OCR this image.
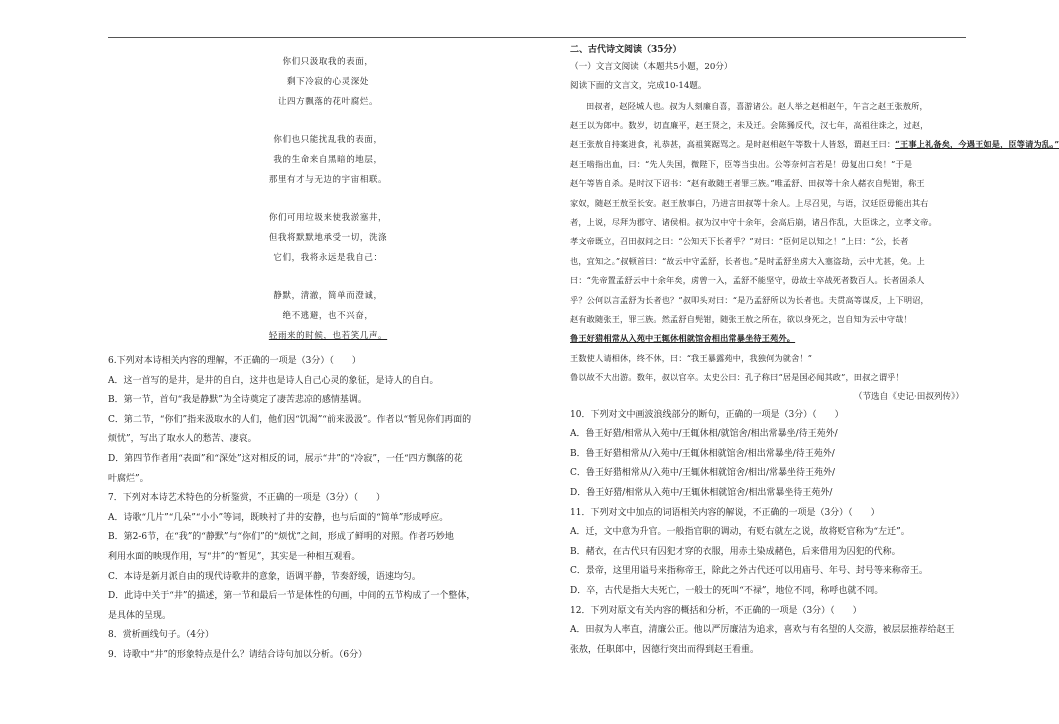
你们只汲取我的表面，
剩下冷寂的心灵深处
让四方飘落的花叶腐烂。
你们也只能扰乱我的表面，
我的生命来自黑暗的地层，
那里有才与无边的宇宙相联。
你们可用垃圾来使我淤塞井，
但我将默默地承受一切，洗涤
它们，我将永远是我自己：
静默，清澈，简单而澄诚，
绝不逃避，也不兴奋，
轻雨来的时候，也若笑几声。
6.下列对本诗相关内容的理解，不正确的一项是（3分）（　　）
A．这一首写的是井，是井的自白，这井也是诗人自己心灵的象征，是诗人的自白。
B．第一节，首句“我是静默”为全诗奠定了凄苦悲凉的感情基调。
C．第二节，“你们”指来汲取水的人们，他们因“饥渴”“前来汲汲”。作者以“暂见你们再面的
烦忧”，写出了取水人的愁苦、凄哀。
D．第四节作者用“表面”和“深处”这对相反的词，展示“井”的“冷寂”，一任“四方飘落的花
叶腐烂”。
7．下列对本诗艺术特色的分析鉴赏，不正确的一项是（3分）（　　）
A．诗歌“几片”“几朵”“小小”等词，既映衬了井的安静，也与后面的“简单”形成呼应。
B．第2-6节，在“我”的“静默”与“你们”的“烦忧”之间，形成了鲜明的对照。作者巧妙地
利用水面的映现作用，写“井”的“暂见”，其实是一种相互观看。
C．本诗是新月派自由的现代诗歌井的意象，语调平静，节奏舒缓，语速均匀。
D．此诗中关于“井”的描述，第一节和最后一节是体性的句画，中间的五节构成了一个整体，
是具体的呈现。
8．赏析画线句子。（4分）
9．诗歌中“井”的形象特点是什么？请结合诗句加以分析。（6分）
二、古代诗文阅读（35分）
（一）文言文阅读（本题共5小题，20分）
阅读下面的文言文，完成10-14题。
田叔者，赵陉城人也。叔为人刻廉自喜，喜游诸公。赵人举之赵相赵午，午言之赵王张敖所，
赵王以为郎中。数岁，切直廉平，赵王贤之，未及迁。会陈豨反代，汉七年，高祖往诛之，过赵，
赵王张敖自持案进食，礼恭甚，高祖箕踞骂之。是时赵相赵午等数十人皆怒，谓赵王曰：“王事上礼备矣，今遇王如是，臣等请为乱。”
赵王啮指出血，曰：“先人失国，微陛下，臣等当虫出。公等奈何言若是！毋复出口矣！”于是
赵午等皆自杀。是时汉下诏书：“赵有敢随王者罪三族。”唯孟舒、田叔等十余人赭衣自髡钳，称王
家奴，随赵王敖至长安。赵王敖事白，乃进言田叔等十余人。上尽召见，与语，汉廷臣毋能出其右
者，上说，尽拜为郡守、诸侯相。叔为汉中守十余年，会高后崩，诸吕作乱，大臣诛之，立孝文帝。
孝文帝既立，召田叔问之曰：“公知天下长者乎？”对曰：“臣何足以知之！”上曰：“公，长者
也，宜知之。”叔顿首曰：“故云中守孟舒，长者也。”是时孟舒坐虏大入塞盗劫，云中尤甚，免。上
曰：“先帝置孟舒云中十余年矣，虏曾一入，孟舒不能坚守，毋故士卒战死者数百人。长者固杀人
乎？公何以言孟舒为长者也？”叔叩头对曰：“是乃孟舒所以为长者也。夫贯高等谋反，上下明诏，
赵有敢随张王，罪三族。然孟舒自髡钳，随张王敖之所在，欲以身死之，岂自知为云中守哉！
鲁王好猎相常从入苑中王辄休相就馆舍相出常暴坐待王苑外。
王数使人请相休，终不休，曰：“我王暴露苑中，我独何为就舍！”
鲁以故不大出游。数年，叔以官卒。太史公曰：孔子称曰“居是国必闻其政”，田叔之谓乎！
（节选自《史记·田叔列传》）
10．下列对文中画波浪线部分的断句，正确的一项是（3分）（　　）
A．鲁王好猎/相常从入苑中/王辄休相/就馆舍/相出常暴坐/待王苑外/
B．鲁王好猎相常从/入苑中/王辄休相就馆舍/相出常暴坐/待王苑外/
C．鲁王好猎相常从/入苑中/王辄休相就馆舍/相出/常暴坐待王苑外/
D．鲁王好猎/相常从入苑中/王辄休相就馆舍/相出常暴坐待王苑外/
11．下列对文中加点的词语相关内容的解说，不正确的一项是（3分）（　　）
A．迁，文中意为升官。一般指官职的调动，有贬右就左之说，故将贬官称为“左迁”。
B．赭衣，在古代只有囚犯才穿的衣服，用赤土染成赭色，后来借用为囚犯的代称。
C．景帝，这里用谥号来指称帝王，除此之外古代还可以用庙号、年号、封号等来称帝王。
D．卒，古代是指大夫死亡，一般士的死叫“不禄”，地位不同，称呼也就不同。
12．下列对原文有关内容的概括和分析，不正确的一项是（3分）（　　）
A．田叔为人率直，清廉公正。他以严厉廉洁为追求，喜欢与有名望的人交游，被层层推荐给赵王
张敖，任职郎中，因德行突出而得到赵王看重。
